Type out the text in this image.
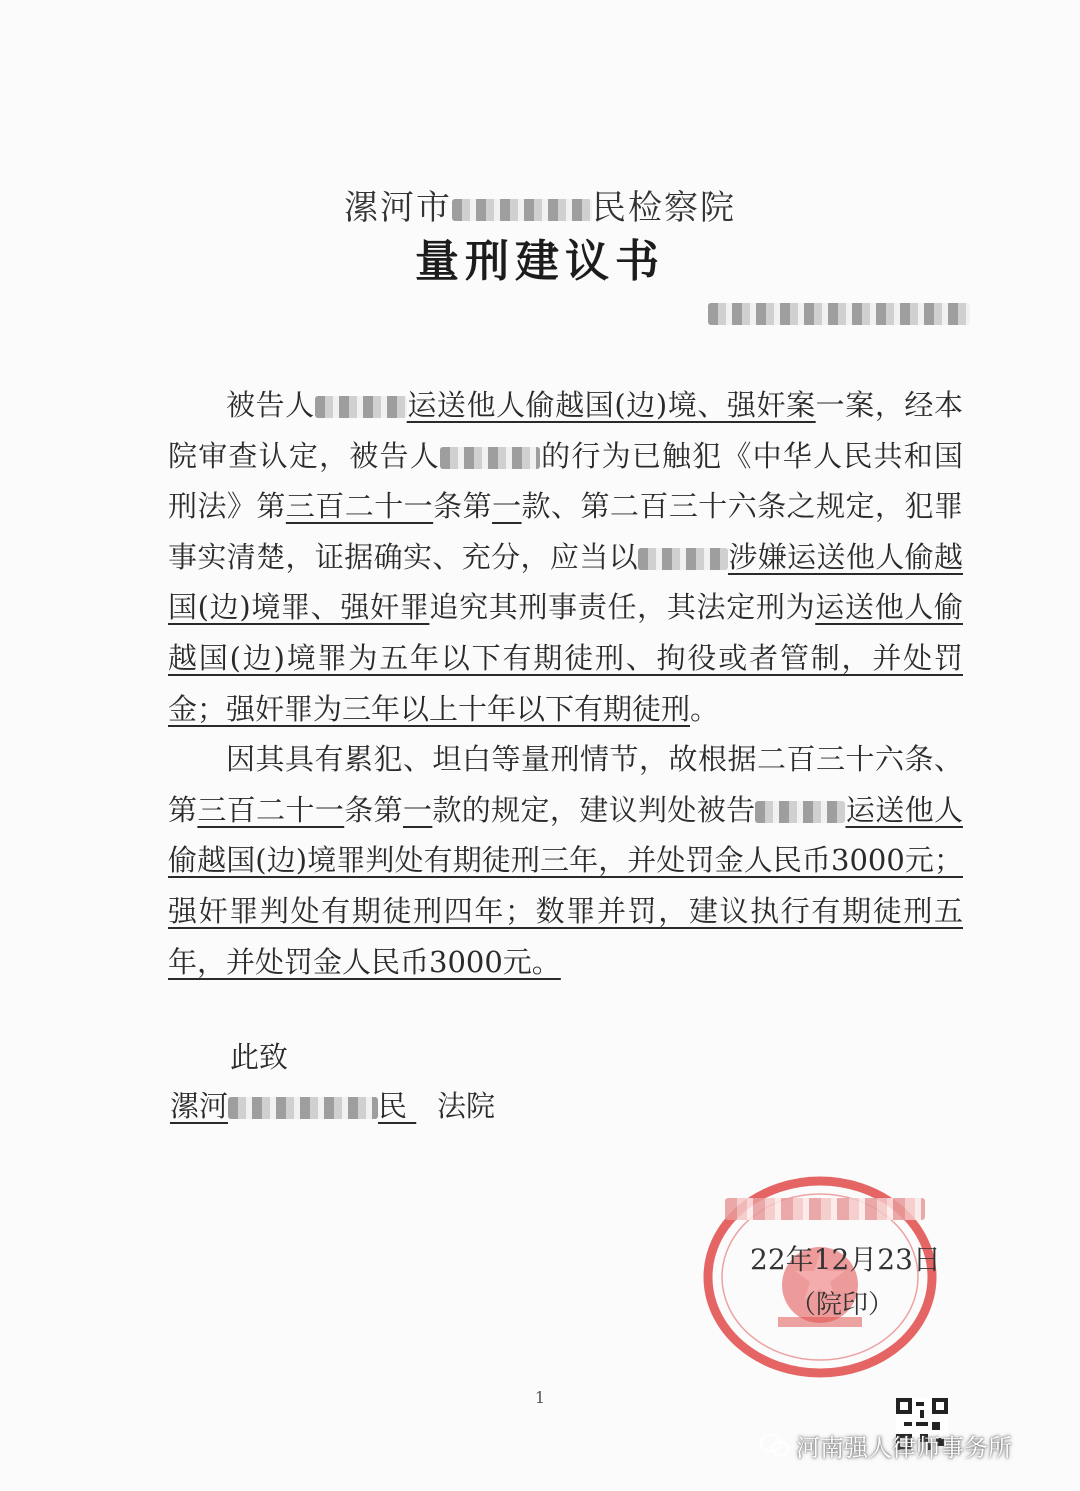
漯河市	民检察院
量刑建议书

被告人	运送他人偷越国(边)境、强奸案一案，经本院审查认定，被告人	的行为已触犯《中华人民共和国刑法》第三百二十一条第一款、第二百三十六条之规定，犯罪事实清楚，证据确实、充分，应当以	涉嫌运送他人偷越国(边)境罪、强奸罪追究其刑事责任，其法定刑为运送他人偷越国(边)境罪为五年以下有期徒刑、拘役或者管制，并处罚金；强奸罪为三年以上十年以下有期徒刑。

因其具有累犯、坦白等量刑情节，故根据二百三十六条、第三百二十一条第一款的规定，建议判处被告	运送他人偷越国(边)境罪判处有期徒刑三年，并处罚金人民币3000元；强奸罪判处有期徒刑四年；数罪并罚，建议执行有期徒刑五年，并处罚金人民币3000元。

此致
漯河	民 法院
22年12月23日
（院印）
1
河南强人律师事务所
